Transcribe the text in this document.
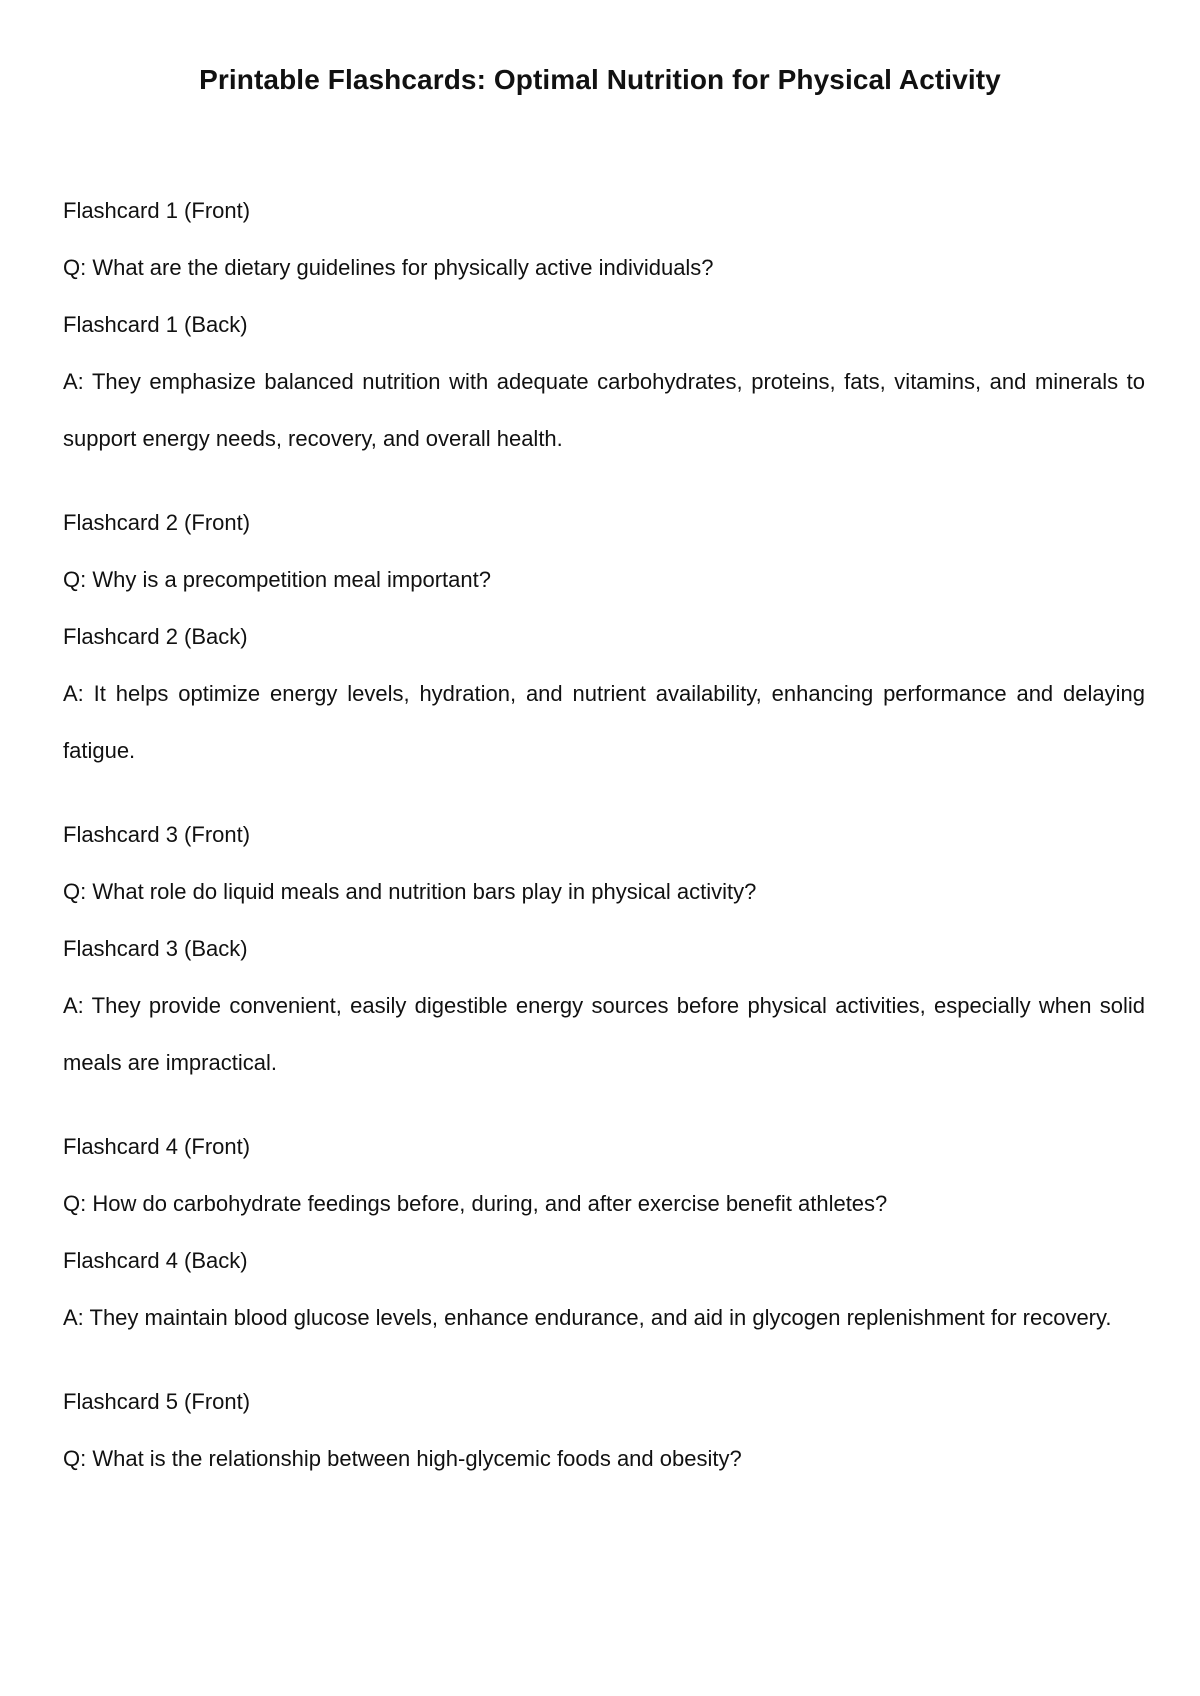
Printable Flashcards: Optimal Nutrition for Physical Activity

Flashcard 1 (Front)

Q: What are the dietary guidelines for physically active individuals?

Flashcard 1 (Back)

A: They emphasize balanced nutrition with adequate carbohydrates, proteins, fats, vitamins, and minerals to support energy needs, recovery, and overall health.

Flashcard 2 (Front)

Q: Why is a precompetition meal important?

Flashcard 2 (Back)

A: It helps optimize energy levels, hydration, and nutrient availability, enhancing performance and delaying fatigue.

Flashcard 3 (Front)

Q: What role do liquid meals and nutrition bars play in physical activity?

Flashcard 3 (Back)

A: They provide convenient, easily digestible energy sources before physical activities, especially when solid meals are impractical.

Flashcard 4 (Front)

Q: How do carbohydrate feedings before, during, and after exercise benefit athletes?

Flashcard 4 (Back)

A: They maintain blood glucose levels, enhance endurance, and aid in glycogen replenishment for recovery.

Flashcard 5 (Front)

Q: What is the relationship between high-glycemic foods and obesity?
